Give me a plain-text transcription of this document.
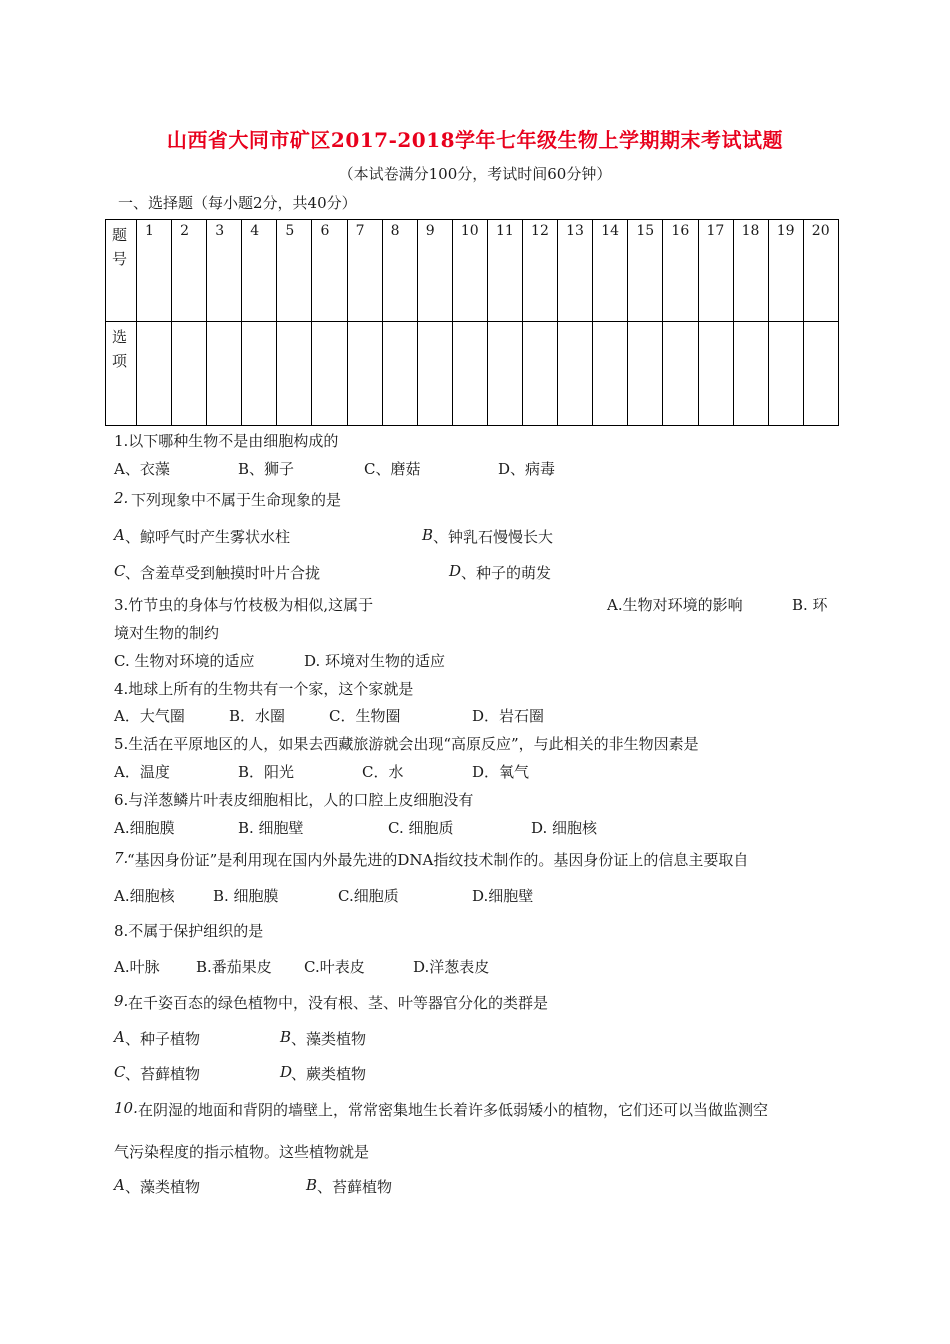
山西省大同市矿区2017-2018学年七年级生物上学期期末考试试题
（本试卷满分100分，考试时间60分钟）
一、选择题（每小题2分，共40分）
题
号	1	2	3	4	5	6	7	8	9	10	11	12	13	14	15	16	17	18	19	20

选
项																				

1.以下哪种生物不是由细胞构成的
A、衣藻	B、狮子	C、磨菇	D、病毒
2. 下列现象中不属于生命现象的是
A 、鲸呼气时产生雾状水柱	B 、钟乳石慢慢长大
C 、含羞草受到触摸时叶片合拢	D 、种子的萌发
3.竹节虫的身体与竹枝极为相似,这属于	A.生物对环境的影响	B. 环
境对生物的制约
C. 生物对环境的适应	D. 环境对生物的适应
4.地球上所有的生物共有一个家，这个家就是
A．大气圈	B．水圈	C．生物圈	D．岩石圈
5.生活在平原地区的人，如果去西藏旅游就会出现“高原反应”，与此相关的非生物因素是
A．温度	B．阳光	C．水	D．氧气
6.与洋葱鳞片叶表皮细胞相比，人的口腔上皮细胞没有
A.细胞膜	B. 细胞壁	C. 细胞质	D. 细胞核
7.
“基因身份证”是利用现在国内外最先进的DNA指纹技术制作的。基因身份证上的信息主要取自
A.细胞核	B. 细胞膜	C.细胞质	D.细胞壁
8.不属于保护组织的是
A.叶脉 B.番茄果皮 C.叶表皮	D.洋葱表皮
9. 在千姿百态的绿色植物中，没有根、茎、叶等器官分化的类群是
A 、种子植物	B 、藻类植物
C 、苔藓植物	D
、蕨类植物
10. 在阴湿的地面和背阴的墙壁上，常常密集地生长着许多低弱矮小的植物，它们还可以当做监测空
气污染程度的指示植物。这些植物就是
A 、藻类植物	B 、苔藓植物
